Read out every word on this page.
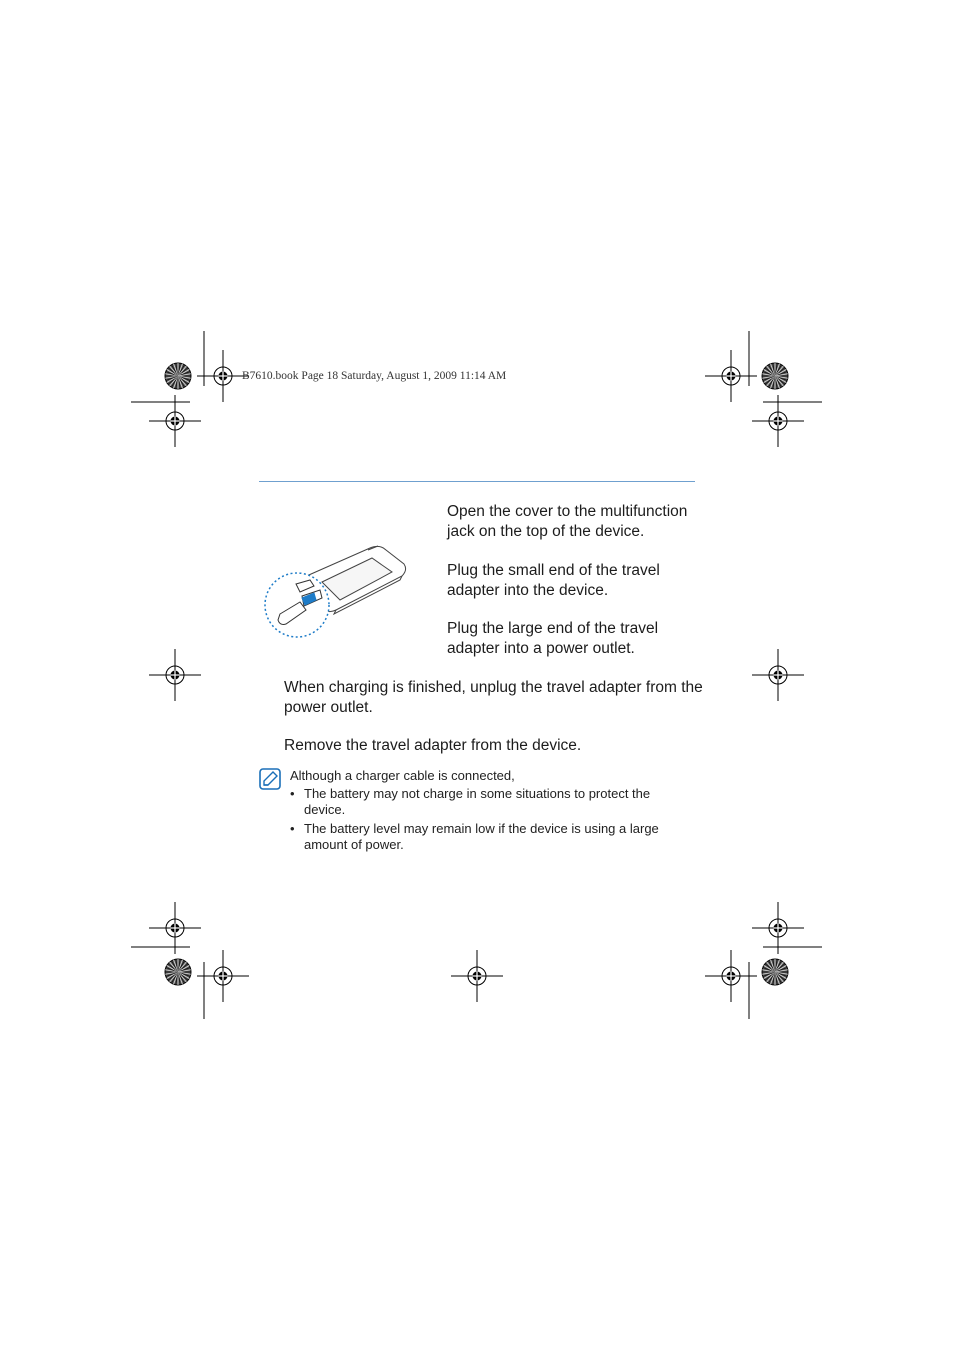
B7610.book Page 18 Saturday, August 1, 2009 11:14 AM
Open the cover to the multifunction jack on the top of the device.
Plug the small end of the travel adapter into the device.
Plug the large end of the travel adapter into a power outlet.
When charging is finished, unplug the travel adapter from the power outlet.
Remove the travel adapter from the device.
Although a charger cable is connected,
• The battery may not charge in some situations to protect the device.
• The battery level may remain low if the device is using a large amount of power.
